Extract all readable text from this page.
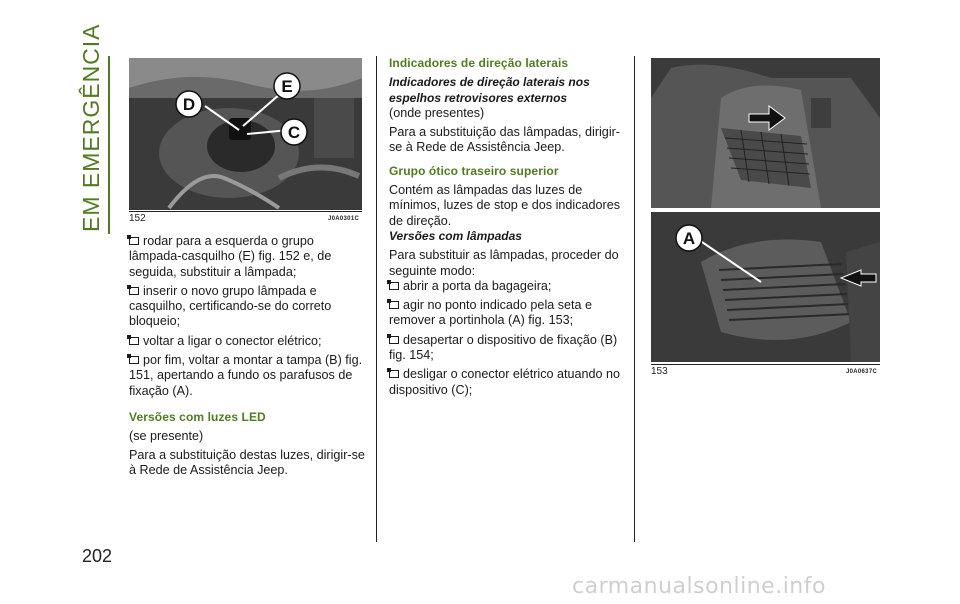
EM EMERGÊNCIA
202
D
E
C
152	J0A0301C

rodar para a esquerda o grupo lâmpada-casquilho (E) fig. 152 e, de seguida, substituir a lâmpada;

inserir o novo grupo lâmpada e casquilho, certificando-se do correto bloqueio;

voltar a ligar o conector elétrico;

por fim, voltar a montar a tampa (B) fig. 151, apertando a fundo os parafusos de fixação (A).

Versões com luzes LED

(se presente)

Para a substituição destas luzes, dirigir-se à Rede de Assistência Jeep.

Indicadores de direção laterais

Indicadores de direção laterais nos espelhos retrovisores externos

(onde presentes)

Para a substituição das lâmpadas, dirigir-se à Rede de Assistência Jeep.

Grupo ótico traseiro superior

Contém as lâmpadas das luzes de mínimos, luzes de stop e dos indicadores de direção.

Versões com lâmpadas

Para substituir as lâmpadas, proceder do seguinte modo:

abrir a porta da bagageira;

agir no ponto indicado pela seta e remover a portinhola (A) fig. 153;

desapertar o dispositivo de fixação (B) fig. 154;

desligar o conector elétrico atuando no dispositivo (C);

A
153	J0A0637C
carmanualsonline.info
